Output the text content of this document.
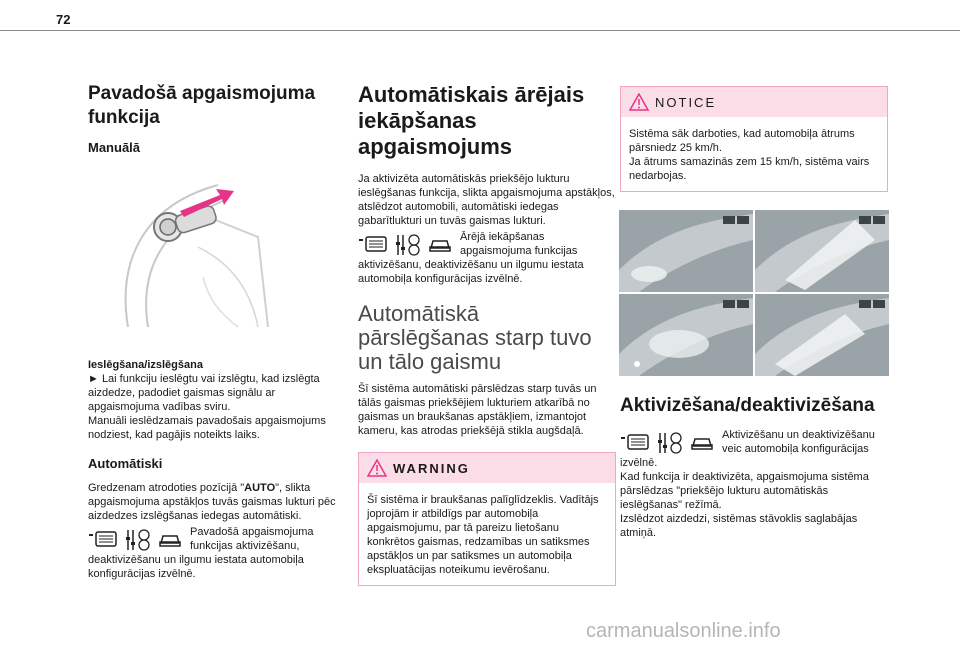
72
Pavadošā apgaismojuma funkcija
Manuālā

Ieslēgšana/izslēgšana

► Lai funkciju ieslēgtu vai izslēgtu, kad izslēgta aizdedze, padodiet gaismas signālu ar apgaismojuma vadības sviru.

Manuāli ieslēdzamais pavadošais apgaismojums nodziest, kad pagājis noteikts laiks.

Automātiski

Gredzenam atrodoties pozīcijā "AUTO", slikta apgaismojuma apstākļos tuvās gaismas lukturi pēc aizdedzes izslēgšanas iedegas automātiski.

Pavadošā apgaismojuma funkcijas aktivizēšanu, deaktivizēšanu un ilgumu iestata automobiļa konfigurācijas izvēlnē.

Automātiskais ārējais iekāpšanas apgaismojums

Ja aktivizēta automātiskās priekšējo lukturu ieslēgšanas funkcija, slikta apgaismojuma apstākļos, atslēdzot automobili, automātiski iedegas gabarītlukturi un tuvās gaismas lukturi.

Ārējā iekāpšanas apgaismojuma funkcijas aktivizēšanu, deaktivizēšanu un ilgumu iestata automobiļa konfigurācijas izvēlnē.

Automātiskā pārslēgšanas starp tuvo un tālo gaismu

Šī sistēma automātiski pārslēdzas starp tuvās un tālās gaismas priekšējiem lukturiem atkarībā no gaismas un braukšanas apstākļiem, izmantojot kameru, kas atrodas priekšējā stikla augšdaļā.

WARNING

Šī sistēma ir braukšanas palīglīdzeklis. Vadītājs joprojām ir atbildīgs par automobiļa apgaismojumu, par tā pareizu lietošanu konkrētos gaismas, redzamības un satiksmes apstākļos un par satiksmes un automobiļa ekspluatācijas noteikumu ievērošanu.

NOTICE

Sistēma sāk darboties, kad automobiļa ātrums pārsniedz 25 km/h.

Ja ātrums samazinās zem 15 km/h, sistēma vairs nedarbojas.

Aktivizēšana/deaktivizēšana

Aktivizēšanu un deaktivizēšanu veic automobiļa konfigurācijas izvēlnē.

Kad funkcija ir deaktivizēta, apgaismojuma sistēma pārslēdzas "priekšējo lukturu automātiskās ieslēgšanas" režīmā.

Izslēdzot aizdedzi, sistēmas stāvoklis saglabājas atmiņā.

carmanualsonline.info
